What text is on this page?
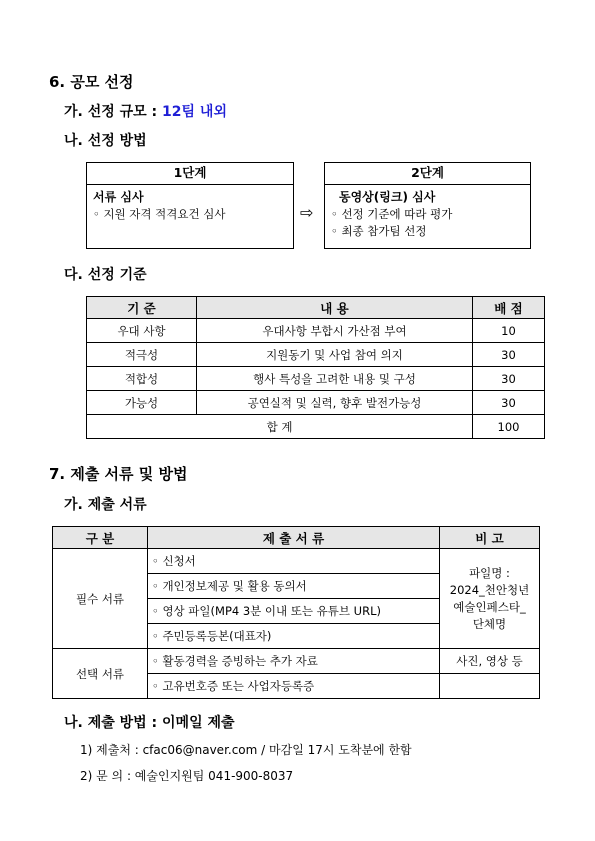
6. 공모 선정
가. 선정 규모 : 12팀 내외
나. 선정 방법
1단계
서류 심사
◦ 지원 자격 적격요건 심사	⇨
2단계
동영상(링크) 심사
◦ 선정 기준에 따라 평가
◦ 최종 참가팀 선정
다. 선정 기준
기 준	내 용	배 점
우대 사항	우대사항 부합시 가산점 부여	10
적극성	지원동기 및 사업 참여 의지	30
적합성	행사 특성을 고려한 내용 및 구성	30
가능성	공연실적 및 실력, 향후 발전가능성	30
합 계		100
7. 제출 서류 및 방법
가. 제출 서류
구 분	제 출 서 류	비 고
필수 서류	◦ 신청서	파일명 :
2024_천안청년
예술인페스타_
단체명

	◦ 개인정보제공 및 활용 동의서	
	◦ 영상 파일(MP4 3분 이내 또는 유튜브 URL)	
	◦ 주민등록등본(대표자)	
선택 서류	◦ 활동경력을 증빙하는 추가 자료	사진, 영상 등
	◦ 고유번호증 또는 사업자등록증	
나. 제출 방법 : 이메일 제출
1) 제출처 : cfac06@naver.com / 마감일 17시 도착분에 한함
2) 문 의 : 예술인지원팀 041-900-8037
